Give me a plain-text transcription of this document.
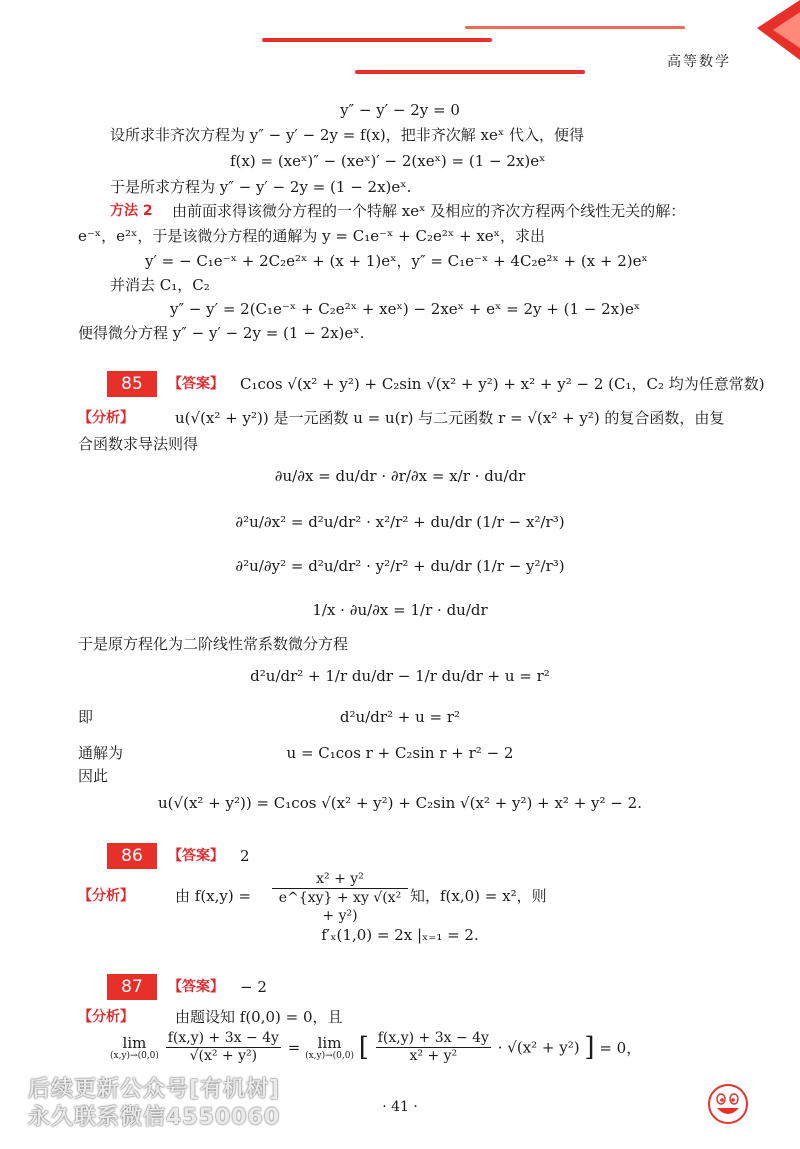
高等数学
y″ − y′ − 2y = 0
设所求非齐次方程为 y″ − y′ − 2y = f(x)，把非齐次解 xeˣ 代入，便得
f(x) = (xeˣ)″ − (xeˣ)′ − 2(xeˣ) = (1 − 2x)eˣ
于是所求方程为 y″ − y′ − 2y = (1 − 2x)eˣ.
方法 2 由前面求得该微分方程的一个特解 xeˣ 及相应的齐次方程两个线性无关的解：
e⁻ˣ，e²ˣ，于是该微分方程的通解为 y = C₁e⁻ˣ + C₂e²ˣ + xeˣ，求出
y′ = − C₁e⁻ˣ + 2C₂e²ˣ + (x + 1)eˣ，y″ = C₁e⁻ˣ + 4C₂e²ˣ + (x + 2)eˣ
并消去 C₁，C₂
y″ − y′ = 2(C₁e⁻ˣ + C₂e²ˣ + xeˣ) − 2xeˣ + eˣ = 2y + (1 − 2x)eˣ
便得微分方程 y″ − y′ − 2y = (1 − 2x)eˣ.
85	【答案】 C₁cos √(x² + y²) + C₂sin √(x² + y²) + x² + y² − 2 (C₁，C₂ 均为任意常数)
【分析】	u(√(x² + y²)) 是一元函数 u = u(r) 与二元函数 r = √(x² + y²) 的复合函数，由复
合函数求导法则得
∂u/∂x = du/dr · ∂r/∂x = x/r · du/dr
∂²u/∂x² = d²u/dr² · x²/r² + du/dr (1/r − x²/r³)
∂²u/∂y² = d²u/dr² · y²/r² + du/dr (1/r − y²/r³)
1/x · ∂u/∂x = 1/r · du/dr
于是原方程化为二阶线性常系数微分方程
d²u/dr² + 1/r du/dr − 1/r du/dr + u = r²
即	d²u/dr² + u = r²
通解为	u = C₁cos r + C₂sin r + r² − 2
因此
u(√(x² + y²)) = C₁cos √(x² + y²) + C₂sin √(x² + y²) + x² + y² − 2.
86	【答案】 2
【分析】	由 $f(x,y) = \frac{\text{x² + y²}}{\text{e\textasciicircum{}\{xy\} + xy √(x² + y²)}}$ 知，f(x,0) = x²，则
f′ₓ(1,0) = 2x |ₓ₌₁ = 2.
87	【答案】 − 2
【分析】	由题设知 f(0,0) = 0，且
lim
(x,y)→(0,0)
$\frac{f(x,y) + 3x - 4y}{\text{√(x² + y²)}} = \lim$
(x,y)→(0,0) [ $\frac{f(x,y) + 3x - 4y}{\text{x² + y²}} \cdot √(x^2 + y^2)$ ] = 0，
· 41 ·
后续更新公众号[有机树]
永久联系微信4550060
